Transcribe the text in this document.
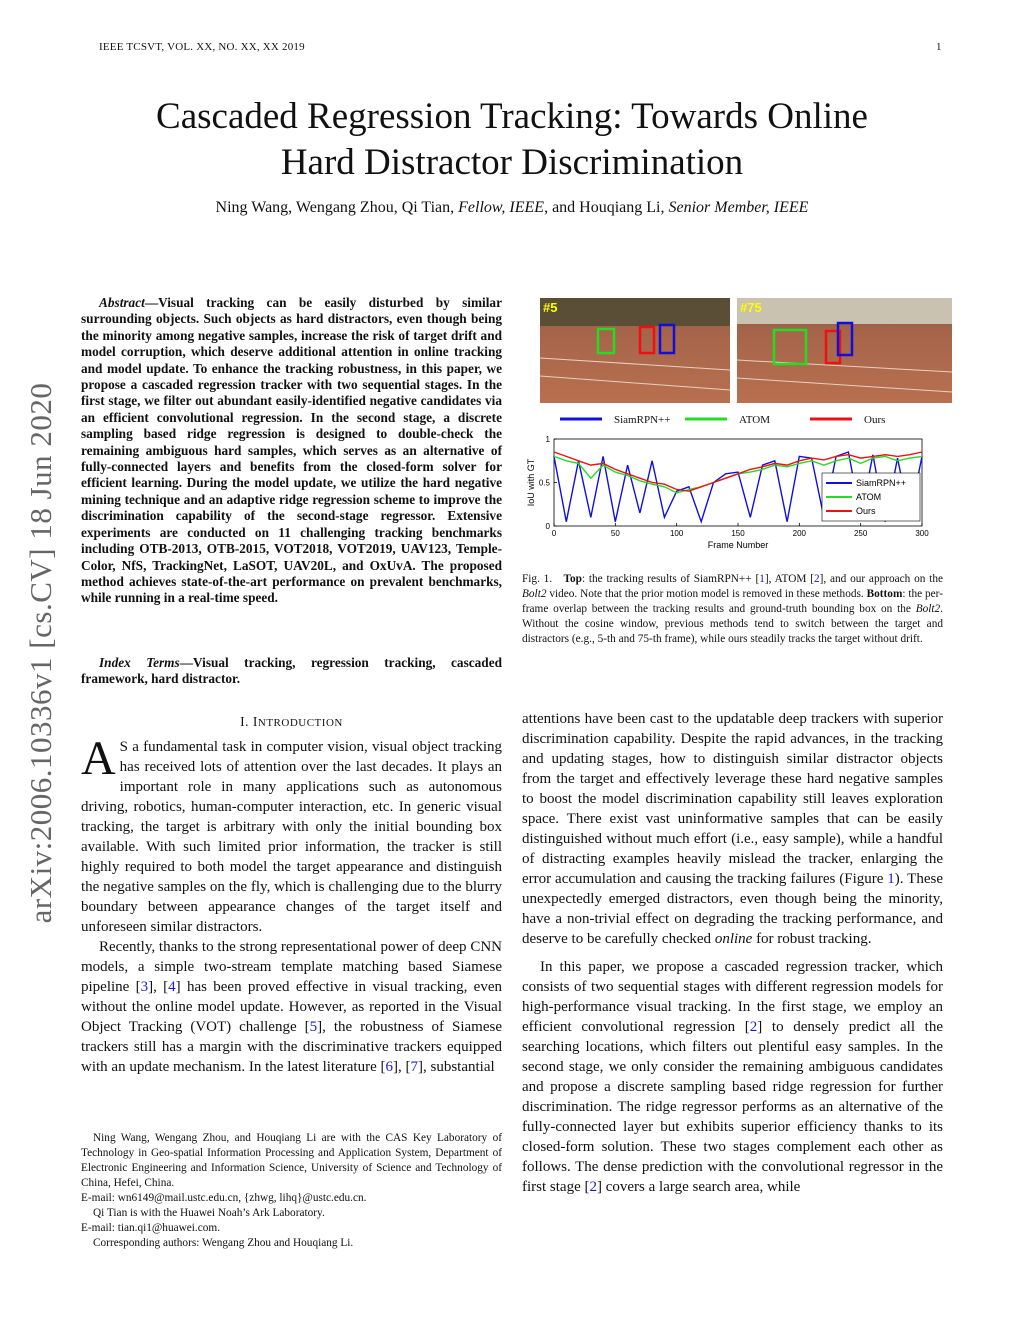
IEEE TCSVT, VOL. XX, NO. XX, XX 2019	1
Cascaded Regression Tracking: Towards Online
Hard Distractor Discrimination
Ning Wang, Wengang Zhou, Qi Tian, Fellow, IEEE, and Houqiang Li, Senior Member, IEEE
arXiv:2006.10336v1 [cs.CV] 18 Jun 2020
Abstract—Visual tracking can be easily disturbed by similar surrounding objects. Such objects as hard distractors, even though being the minority among negative samples, increase the risk of target drift and model corruption, which deserve additional attention in online tracking and model update. To enhance the tracking robustness, in this paper, we propose a cascaded regression tracker with two sequential stages. In the first stage, we filter out abundant easily-identified negative candidates via an efficient convolutional regression. In the second stage, a discrete sampling based ridge regression is designed to double-check the remaining ambiguous hard samples, which serves as an alternative of fully-connected layers and benefits from the closed-form solver for efficient learning. During the model update, we utilize the hard negative mining technique and an adaptive ridge regression scheme to improve the discrimination capability of the second-stage regressor. Extensive experiments are conducted on 11 challenging tracking benchmarks including OTB-2013, OTB-2015, VOT2018, VOT2019, UAV123, Temple-Color, NfS, TrackingNet, LaSOT, UAV20L, and OxUvA. The proposed method achieves state-of-the-art performance on prevalent benchmarks, while running in a real-time speed.
Index Terms—Visual tracking, regression tracking, cascaded framework, hard distractor.
I. INTRODUCTION

A S a fundamental task in computer vision, visual object tracking has received lots of attention over the last decades. It plays an important role in many applications such as autonomous driving, robotics, human-computer interaction, etc. In generic visual tracking, the target is arbitrary with only the initial bounding box available. With such limited prior information, the tracker is still highly required to both model the target appearance and distinguish the negative samples on the fly, which is challenging due to the blurry boundary between appearance changes of the target itself and unforeseen similar distractors.

Recently, thanks to the strong representational power of deep CNN models, a simple two-stream template matching based Siamese pipeline [3], [4] has been proved effective in visual tracking, even without the online model update. However, as reported in the Visual Object Tracking (VOT) challenge [5], the robustness of Siamese trackers still has a margin with the discriminative trackers equipped with an update mechanism. In the latest literature [6], [7], substantial

Ning Wang, Wengang Zhou, and Houqiang Li are with the CAS Key Laboratory of Technology in Geo-spatial Information Processing and Application System, Department of Electronic Engineering and Information Science, University of Science and Technology of China, Hefei, China.

E-mail: wn6149@mail.ustc.edu.cn, {zhwg, lihq}@ustc.edu.cn.

Qi Tian is with the Huawei Noah’s Ark Laboratory.

E-mail: tian.qi1@huawei.com.

Corresponding authors: Wengang Zhou and Houqiang Li.

#5	#75
SiamRPN++	ATOM	Ours
0
0.5
1
0	50	100	150	200	250	300
Frame Number
IoU with GT	SiamRPN++
ATOM
Ours
Fig. 1. Top: the tracking results of SiamRPN++ [1], ATOM [2], and our approach on the Bolt2 video. Note that the prior motion model is removed in these methods. Bottom: the per-frame overlap between the tracking results and ground-truth bounding box on the Bolt2. Without the cosine window, previous methods tend to switch between the target and distractors (e.g., 5-th and 75-th frame), while ours steadily tracks the target without drift.

attentions have been cast to the updatable deep trackers with superior discrimination capability. Despite the rapid advances, in the tracking and updating stages, how to distinguish similar distractor objects from the target and effectively leverage these hard negative samples to boost the model discrimination capability still leaves exploration space. There exist vast uninformative samples that can be easily distinguished without much effort (i.e., easy sample), while a handful of distracting examples heavily mislead the tracker, enlarging the error accumulation and causing the tracking failures (Figure 1). These unexpectedly emerged distractors, even though being the minority, have a non-trivial effect on degrading the tracking performance, and deserve to be carefully checked online for robust tracking.

In this paper, we propose a cascaded regression tracker, which consists of two sequential stages with different regression models for high-performance visual tracking. In the first stage, we employ an efficient convolutional regression [2] to densely predict all the searching locations, which filters out plentiful easy samples. In the second stage, we only consider the remaining ambiguous candidates and propose a discrete sampling based ridge regression for further discrimination. The ridge regressor performs as an alternative of the fully-connected layer but exhibits superior efficiency thanks to its closed-form solution. These two stages complement each other as follows. The dense prediction with the convolutional regressor in the first stage [2] covers a large search area, while
